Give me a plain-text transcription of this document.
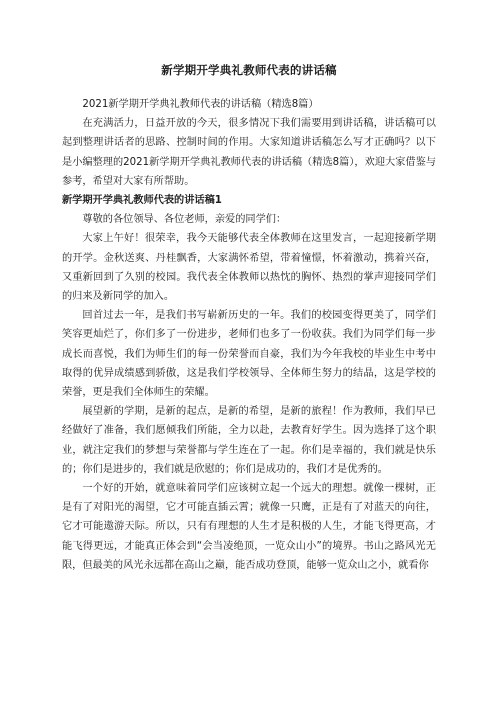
新学期开学典礼教师代表的讲话稿

2021新学期开学典礼教师代表的讲话稿（精选8篇）

在充满活力，日益开放的今天，很多情况下我们需要用到讲话稿，讲话稿可以起到整理讲话者的思路、控制时间的作用。大家知道讲话稿怎么写才正确吗？以下是小编整理的2021新学期开学典礼教师代表的讲话稿（精选8篇），欢迎大家借鉴与参考，希望对大家有所帮助。

新学期开学典礼教师代表的讲话稿1

尊敬的各位领导、各位老师，亲爱的同学们：

大家上午好！很荣幸，我今天能够代表全体教师在这里发言，一起迎接新学期的开学。金秋送爽、丹桂飘香，大家满怀希望，带着憧憬，怀着激动，携着兴奋，又重新回到了久别的校园。我代表全体教师以热忱的胸怀、热烈的掌声迎接同学们的归来及新同学的加入。

回首过去一年，是我们书写崭新历史的一年。我们的校园变得更美了，同学们笑容更灿烂了，你们多了一份进步，老师们也多了一份收获。我们为同学们每一步成长而喜悦，我们为师生们的每一份荣誉而自豪，我们为今年我校的毕业生中考中取得的优异成绩感到骄傲，这是我们学校领导、全体师生努力的结晶，这是学校的荣誉，更是我们全体师生的荣耀。

展望新的学期，是新的起点，是新的希望，是新的旅程！作为教师，我们早已经做好了准备，我们愿倾我们所能，全力以赴，去教育好学生。因为选择了这个职业，就注定我们的梦想与荣誉都与学生连在了一起。你们是幸福的，我们就是快乐的；你们是进步的，我们就是欣慰的；你们是成功的，我们才是优秀的。

一个好的开始，就意味着同学们应该树立起一个远大的理想。就像一棵树，正是有了对阳光的渴望，它才可能直插云霄；就像一只鹰，正是有了对蓝天的向往，它才可能遨游天际。所以，只有有理想的人生才是积极的人生，才能飞得更高，才能飞得更远，才能真正体会到“会当凌绝顶，一览众山小”的境界。书山之路风光无限，但最美的风光永远都在高山之巅，能否成功登顶，能够一览众山之小，就看你
